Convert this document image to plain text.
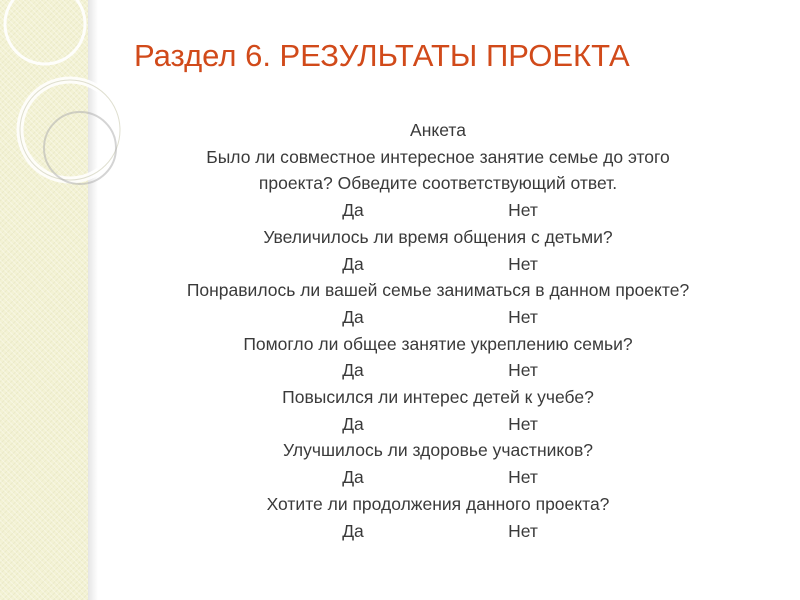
Раздел 6. РЕЗУЛЬТАТЫ ПРОЕКТА
Анкета
Было ли совместное интересное занятие семье до этого
проекта? Обведите соответствующий ответ.
Да	Нет
Увеличилось ли время общения с детьми?
Да	Нет
Понравилось ли вашей семье заниматься в данном проекте?
Да	Нет
Помогло ли общее занятие укреплению семьи?
Да	Нет
Повысился ли интерес детей к учебе?
Да	Нет
Улучшилось ли здоровье участников?
Да	Нет
Хотите ли продолжения данного проекта?
Да	Нет
